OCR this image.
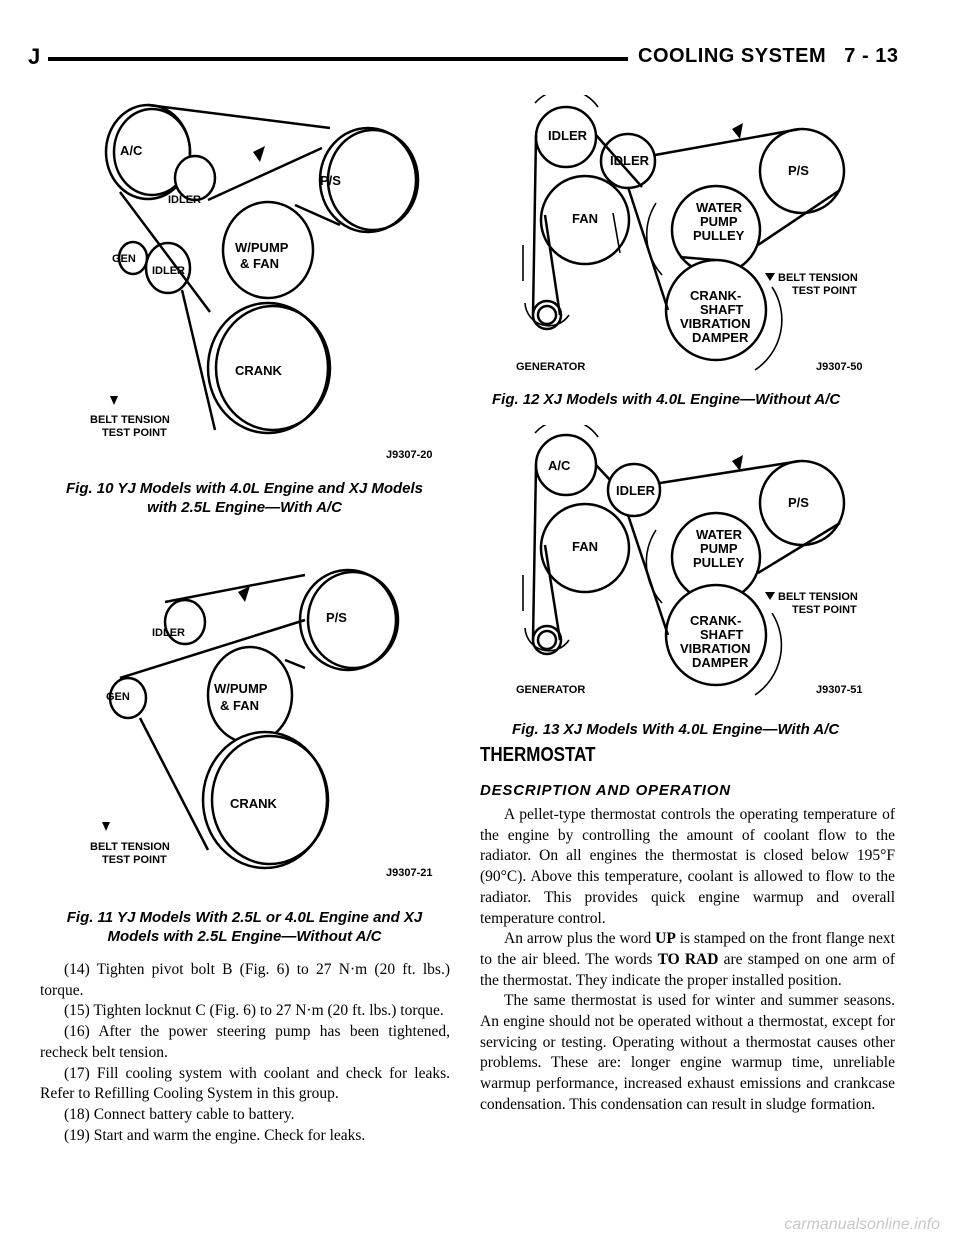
J	COOLING SYSTEM 7 - 13
A/C
IDLER
GEN
IDLER
W/PUMP
& FAN
P/S
CRANK
BELT TENSION
TEST POINT
J9307-20
Fig. 10 YJ Models with 4.0L Engine and XJ Models
with 2.5L Engine—With A/C
IDLER
P/S
GEN
W/PUMP
& FAN
CRANK
BELT TENSION
TEST POINT
J9307-21
Fig. 11 YJ Models With 2.5L or 4.0L Engine and XJ
Models with 2.5L Engine—Without A/C
IDLER
IDLER
P/S
FAN
WATER
PUMP
PULLEY
BELT TENSION
TEST POINT
CRANK-
SHAFT
VIBRATION
DAMPER
GENERATOR	J9307-50
Fig. 12 XJ Models with 4.0L Engine—Without A/C
A/C
IDLER
P/S
FAN
WATER
PUMP
PULLEY
BELT TENSION
TEST POINT
CRANK-
SHAFT
VIBRATION
DAMPER
GENERATOR	J9307-51
Fig. 13 XJ Models With 4.0L Engine—With A/C

(14) Tighten pivot bolt B (Fig. 6) to 27 N·m (20 ft. lbs.) torque.

(15) Tighten locknut C (Fig. 6) to 27 N·m (20 ft. lbs.) torque.

(16) After the power steering pump has been tightened, recheck belt tension.

(17) Fill cooling system with coolant and check for leaks. Refer to Refilling Cooling System in this group.

(18) Connect battery cable to battery.

(19) Start and warm the engine. Check for leaks.

THERMOSTAT
DESCRIPTION AND OPERATION

A pellet-type thermostat controls the operating temperature of the engine by controlling the amount of coolant flow to the radiator. On all engines the thermostat is closed below 195°F (90°C). Above this temperature, coolant is allowed to flow to the radiator. This provides quick engine warmup and overall temperature control.

An arrow plus the word UP is stamped on the front flange next to the air bleed. The words TO RAD are stamped on one arm of the thermostat. They indicate the proper installed position.

The same thermostat is used for winter and summer seasons. An engine should not be operated without a thermostat, except for servicing or testing. Operating without a thermostat causes other problems. These are: longer engine warmup time, unreliable warmup performance, increased exhaust emissions and crankcase condensation. This condensation can result in sludge formation.

carmanualsonline.info
